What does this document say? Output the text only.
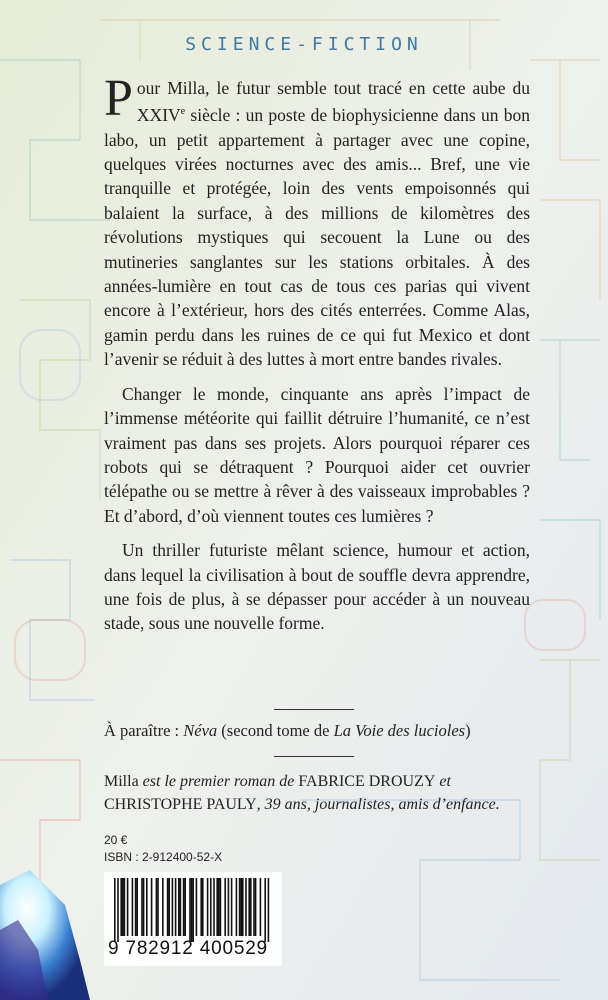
SCIENCE-FICTION

Pour Milla, le futur semble tout tracé en cette aube du XXIVe siècle : un poste de biophysicienne dans un bon labo, un petit appartement à partager avec une copine, quelques virées nocturnes avec des amis... Bref, une vie tranquille et protégée, loin des vents empoisonnés qui balaient la surface, à des millions de kilomètres des révolutions mystiques qui secouent la Lune ou des mutineries sanglantes sur les stations orbitales. À des années-lumière en tout cas de tous ces parias qui vivent encore à l’extérieur, hors des cités enterrées. Comme Alas, gamin perdu dans les ruines de ce qui fut Mexico et dont l’avenir se réduit à des luttes à mort entre bandes rivales.

Changer le monde, cinquante ans après l’impact de l’immense météorite qui faillit détruire l’humanité, ce n’est vraiment pas dans ses projets. Alors pourquoi réparer ces robots qui se détraquent ? Pourquoi aider cet ouvrier télépathe ou se mettre à rêver à des vaisseaux improbables ? Et d’abord, d’où viennent toutes ces lumières ?

Un thriller futuriste mêlant science, humour et action, dans lequel la civilisation à bout de souffle devra apprendre, une fois de plus, à se dépasser pour accéder à un nouveau stade, sous une nouvelle forme.

À paraître : Néva (second tome de La Voie des lucioles)
Milla est le premier roman de FABRICE DROUZY et CHRISTOPHE PAULY, 39 ans, journalistes, amis d’enfance.
20 €
ISBN : 2-912400-52-X
9 782912 400529
